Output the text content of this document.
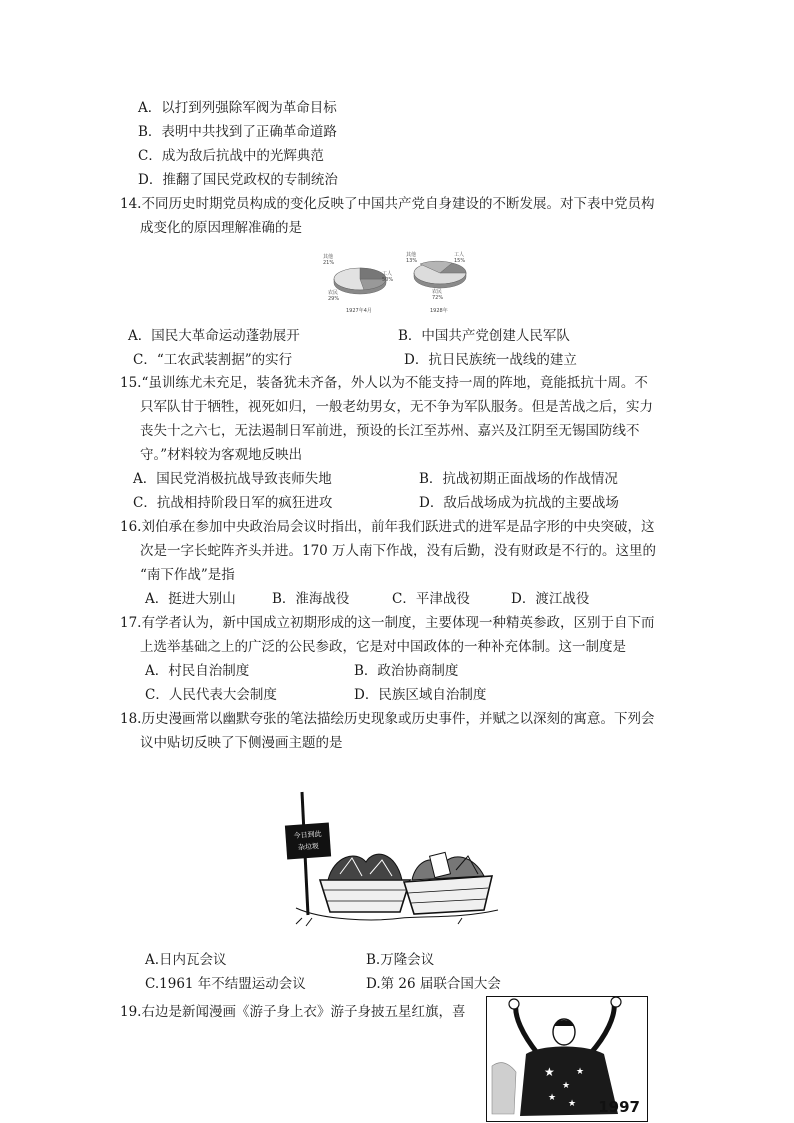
A．以打到列强除军阀为革命目标
B．表明中共找到了正确革命道路
C．成为敌后抗战中的光辉典范
D．推翻了国民党政权的专制统治
14.不同历史时期党员构成的变化反映了中国共产党自身建设的不断发展。对下表中党员构
成变化的原因理解准确的是
其他
21%
工人
50%
农民
29%
1927年4月
其他
13%
工人
15%
农民
72%
1928年
A．国民大革命运动蓬勃展开	B．中国共产党创建人民军队
C．“工农武装割据”的实行	D．抗日民族统一战线的建立
15.“虽训练尤未充足，装备犹未齐备，外人以为不能支持一周的阵地，竟能抵抗十周。不
只军队甘于牺牲，视死如归，一般老幼男女，无不争为军队服务。但是苦战之后，实力
丧失十之六七，无法遏制日军前进，预设的长江至苏州、嘉兴及江阴至无锡国防线不
守。”材料较为客观地反映出
A．国民党消极抗战导致丧师失地	B．抗战初期正面战场的作战情况
C．抗战相持阶段日军的疯狂进攻	D．敌后战场成为抗战的主要战场
16.刘伯承在参加中央政治局会议时指出，前年我们跃进式的进军是品字形的中央突破，这
次是一字长蛇阵齐头并进。170 万人南下作战，没有后勤，没有财政是不行的。这里的
“南下作战”是指
A．挺进大别山	B．淮海战役	C．平津战役	D．渡江战役
17.有学者认为，新中国成立初期形成的这一制度，主要体现一种精英参政，区别于自下而
上选举基础之上的广泛的公民参政，它是对中国政体的一种补充体制。这一制度是
A．村民自治制度	B．政治协商制度
C．人民代表大会制度	D．民族区域自治制度
18.历史漫画常以幽默夸张的笔法描绘历史现象或历史事件，并赋之以深刻的寓意。下列会
议中贴切反映了下侧漫画主题的是
今日到此
杂垃圾
A.日内瓦会议	B.万隆会议
C.1961 年不结盟运动会议	D.第 26 届联合国大会
19.右边是新闻漫画《游子身上衣》游子身披五星红旗，喜
★
★
★
★
★ 1997
